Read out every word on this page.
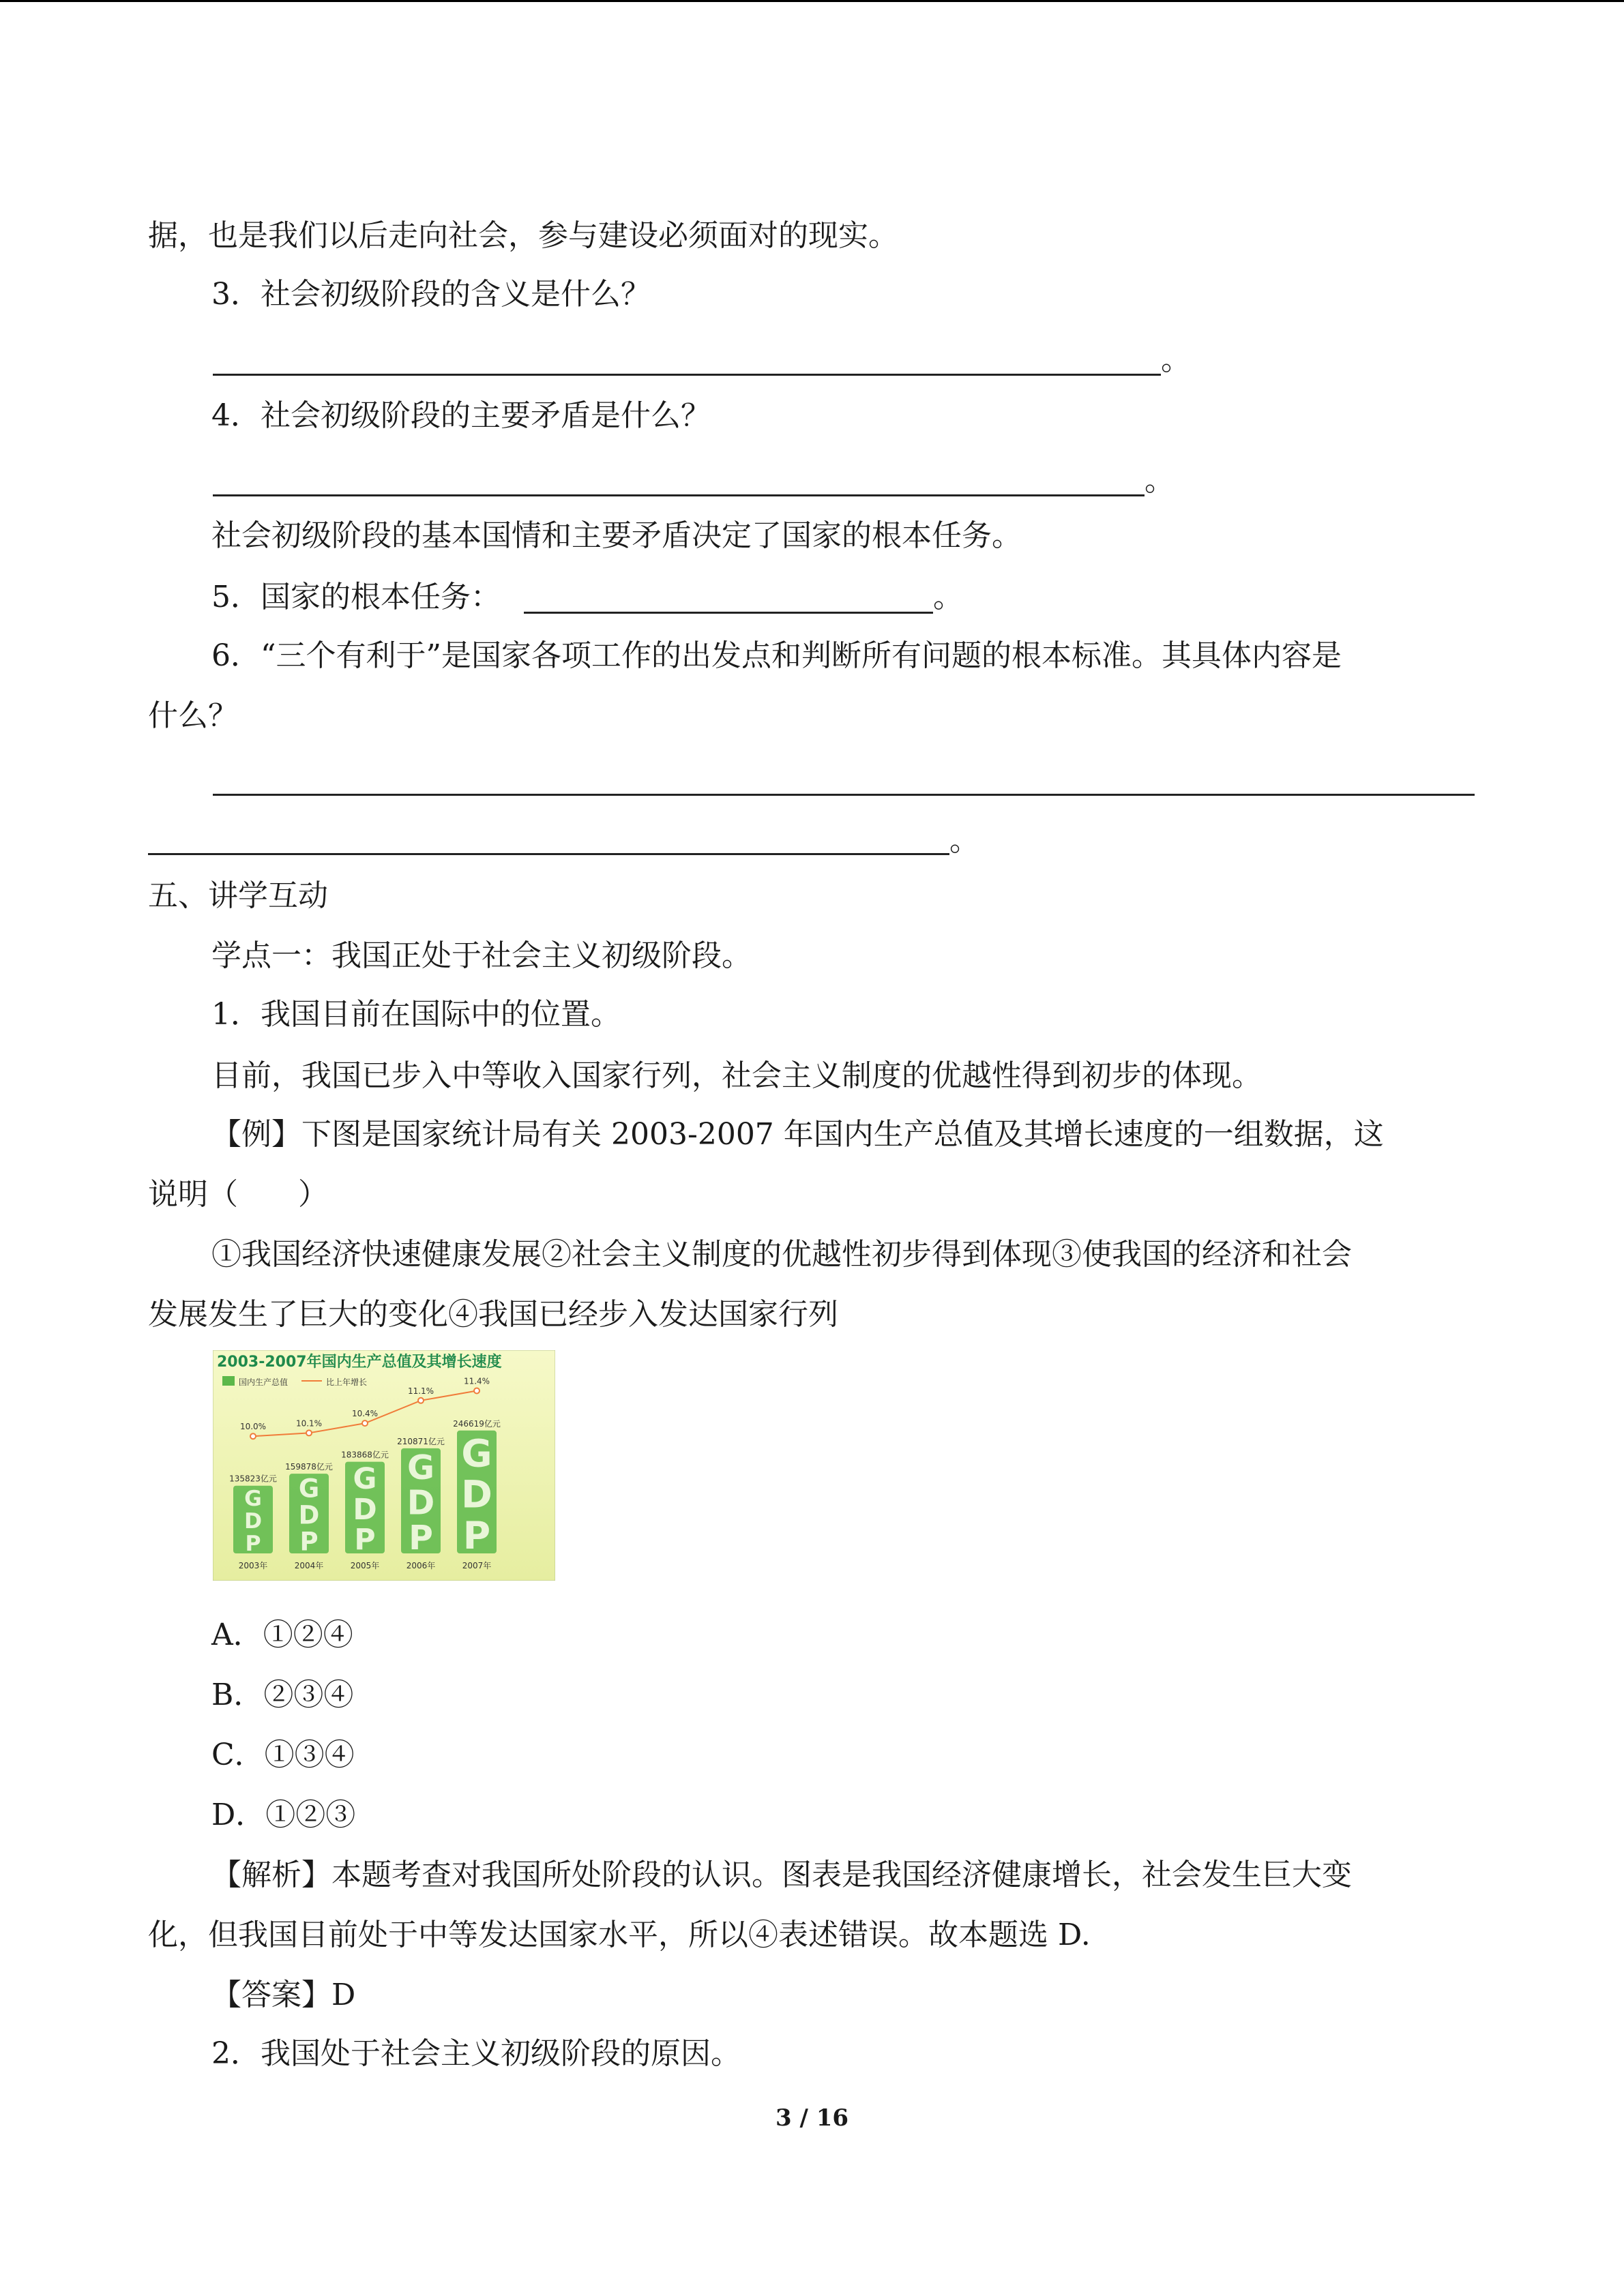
据，也是我们以后走向社会，参与建设必须面对的现实。
3．社会初级阶段的含义是什么？
。
4．社会初级阶段的主要矛盾是什么？
。
社会初级阶段的基本国情和主要矛盾决定了国家的根本任务。
5．国家的根本任务：	。
6．“三个有利于”是国家各项工作的出发点和判断所有问题的根本标准。其具体内容是
什么？
。
五、讲学互动
学点一：我国正处于社会主义初级阶段。
1．我国目前在国际中的位置。
目前，我国已步入中等收入国家行列，社会主义制度的优越性得到初步的体现。
【例】下图是国家统计局有关 2003-2007 年国内生产总值及其增长速度的一组数据，这
说明（　　）
①我国经济快速健康发展②社会主义制度的优越性初步得到体现③使我国的经济和社会
发展发生了巨大的变化④我国已经步入发达国家行列
2003-2007年国内生产总值及其增长速度
国内生产总值	比上年增长
G
D
P
135823亿元
2003年
G
D
P
159878亿元
2004年
G
D
P
183868亿元
2005年
G
D
P
210871亿元
2006年
G
D
P
246619亿元
2007年
10.0%	10.1%
10.4%
11.1%
11.4%
A．①②④
B．②③④
C．①③④
D．①②③
【解析】本题考查对我国所处阶段的认识。图表是我国经济健康增长，社会发生巨大变
化，但我国目前处于中等发达国家水平，所以④表述错误。故本题选 D.
【答案】D
2．我国处于社会主义初级阶段的原因。
3 / 16
